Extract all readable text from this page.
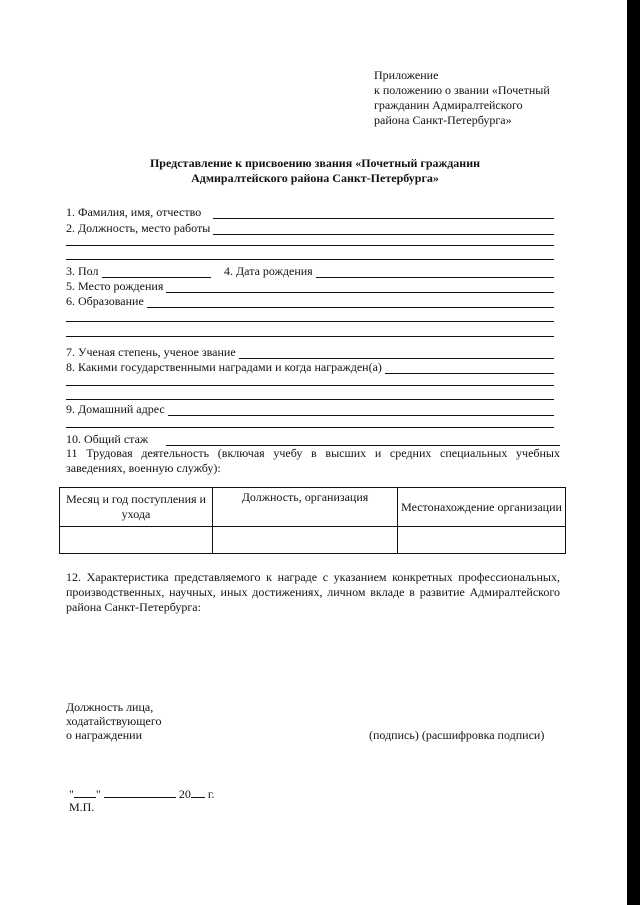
Приложение
к положению о звании «Почетный
гражданин Адмиралтейского
района Санкт-Петербурга»
Представление к присвоению звания «Почетный гражданин
Адмиралтейского района Санкт-Петербурга»
1. Фамилия, имя, отчество
2. Должность, место работы
3. Пол	4. Дата рождения
5. Место рождения
6. Образование
7. Ученая степень, ученое звание
8. Какими государственными наградами и когда награжден(а)
9. Домашний адрес
10. Общий стаж
11 Трудовая деятельность (включая учебу в высших и средних специальных учебных заведениях, военную службу):
Месяц и год поступления и ухода	Должность, организация	Местонахождение организации

12. Характеристика представляемого к награде с указанием конкретных профессиональных, производственных, научных, иных достижениях, личном вкладе в развитие Адмиралтейского района Санкт-Петербурга:
Должность лица,
ходатайствующего
о награждении	(подпись) (расшифровка подписи)
" "	20 г.
М.П.
